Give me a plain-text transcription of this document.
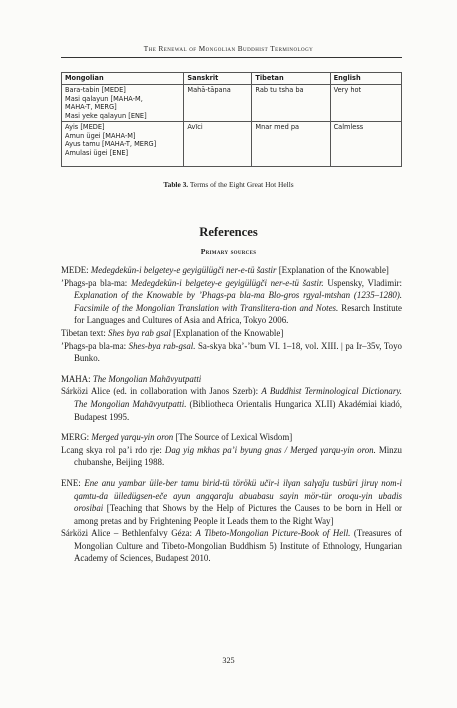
The Renewal of Mongolian Buddhist Terminology
Mongolian	Sanskrit	Tibetan	English

Bara-tabin [MEDE]
Masi qalayun [MAHA-M,
MAHA-T, MERG]
Masi yeke qalayun [ENE]	Mahā-tāpana	Rab tu tsha ba	Very hot

Ayis [MEDE]
Amun ügei [MAHA-M]
Ayus tamu [MAHA-T, MERG]
Amulasi ügei [ENE]	Avīci	Mnar med pa	Calmless
Table 3. Terms of the Eight Great Hot Hells
References
Primary sources

MEDE: Medegdekün-i belgetey-e geyigülügči ner-e-tü šastir [Explanation of the Knowable]

’Phags-pa bla-ma: Medegdekün-i belgetey-e geyigülügči ner-e-tü šastir. Uspensky, Vladimir: Explanation of the Knowable by ’Phags-pa bla-ma Blo-gros rgyal-mtshan (1235–1280). Facsimile of the Mongolian Translation with Translitera-tion and Notes. Resarch Institute for Languages and Cultures of Asia and Africa, Tokyo 2006.

Tibetan text: Shes bya rab gsal [Explanation of the Knowable]

’Phags-pa bla-ma: Shes-bya rab-gsal. Sa-skya bka’-’bum VI. 1–18, vol. XIII. | pa Ir–35v, Toyo Bunko.

MAHA: The Mongolian Mahāvyutpatti

Sárközi Alice (ed. in collaboration with Janos Szerb): A Buddhist Terminological Dictionary. The Mongolian Mahāvyutpatti. (Bibliotheca Orientalis Hungarica XLII) Akadémiai kiadó, Budapest 1995.

MERG: Merged γarqu-yin oron [The Source of Lexical Wisdom]

Lcang skya rol pa’i rdo rje: Dag yig mkhas pa’i byung gnas / Merged γarqu-yin oron. Minzu chubanshe, Beijing 1988.

ENE: Ene anu yambar üile-ber tamu birid-tü törökü učir-i ilγan salγaǰu tusbüri jiruγ nom-i qamtu-da üiledügsen-eče ayun angqaraǰu abuabasu sayin mör-tür oroqu-yin ubadis orosibai [Teaching that Shows by the Help of Pictures the Causes to be born in Hell or among pretas and by Frightening People it Leads them to the Right Way]

Sárközi Alice – Bethlenfalvy Géza: A Tibeto-Mongolian Picture-Book of Hell. (Treasures of Mongolian Culture and Tibeto-Mongolian Buddhism 5) Institute of Ethnology, Hungarian Academy of Sciences, Budapest 2010.

325
